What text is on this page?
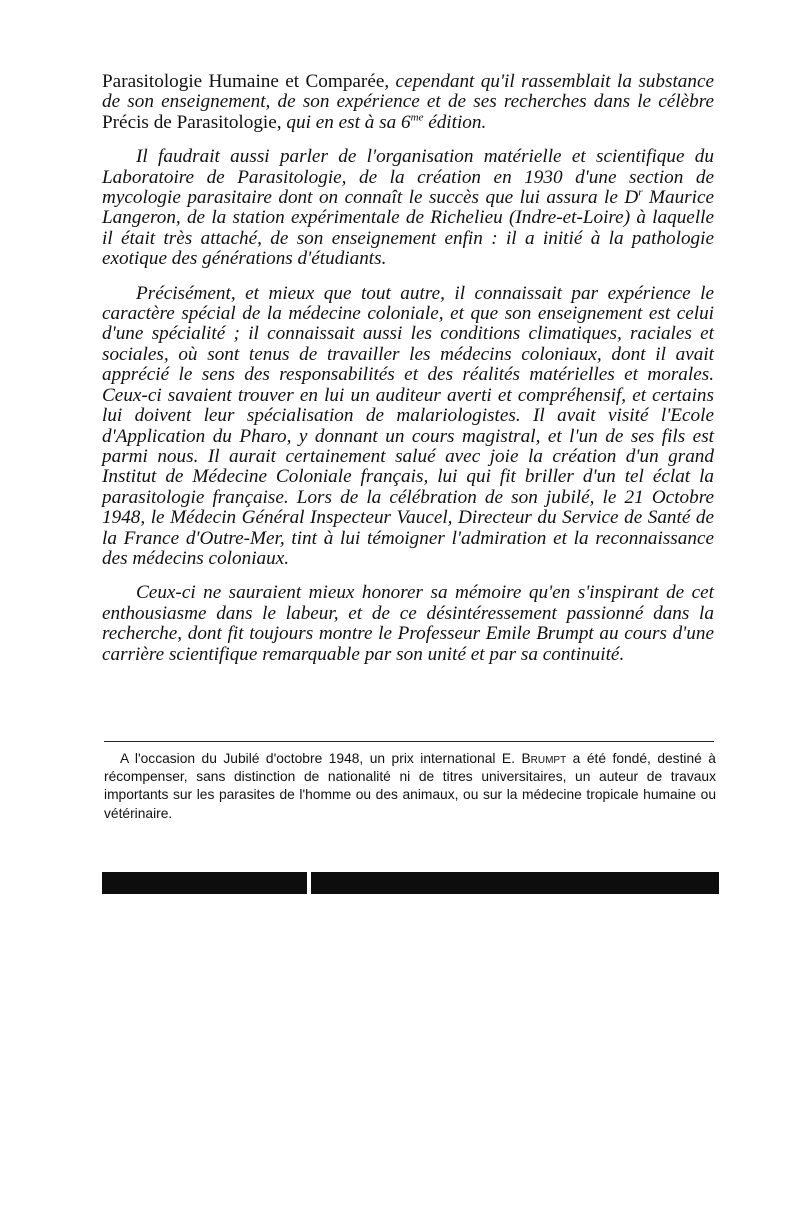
Parasitologie Humaine et Comparée, cependant qu'il rassemblait la substance de son enseignement, de son expérience et de ses recherches dans le célèbre Précis de Parasitologie, qui en est à sa $6^{me}$ édition.

Il faudrait aussi parler de l'organisation matérielle et scientifique du Laboratoire de Parasitologie, de la création en 1930 d'une section de mycologie parasitaire dont on connaît le succès que lui assura le $D^r$ Maurice Langeron, de la station expérimentale de Richelieu (Indre-et-Loire) à laquelle il était très attaché, de son enseignement enfin : il a initié à la pathologie exotique des générations d'étudiants.

Précisément, et mieux que tout autre, il connaissait par expérience le caractère spécial de la médecine coloniale, et que son enseignement est celui d'une spécialité ; il connaissait aussi les conditions climatiques, raciales et sociales, où sont tenus de travailler les médecins coloniaux, dont il avait apprécié le sens des responsabilités et des réalités matérielles et morales. Ceux-ci savaient trouver en lui un auditeur averti et compréhensif, et certains lui doivent leur spécialisation de malariologistes. Il avait visité l'Ecole d'Application du Pharo, y donnant un cours magistral, et l'un de ses fils est parmi nous. Il aurait certainement salué avec joie la création d'un grand Institut de Médecine Coloniale français, lui qui fit briller d'un tel éclat la parasitologie française. Lors de la célébration de son jubilé, le 21 Octobre 1948, le Médecin Général Inspecteur Vaucel, Directeur du Service de Santé de la France d'Outre-Mer, tint à lui témoigner l'admiration et la reconnaissance des médecins coloniaux.

Ceux-ci ne sauraient mieux honorer sa mémoire qu'en s'inspirant de cet enthousiasme dans le labeur, et de ce désintéressement passionné dans la recherche, dont fit toujours montre le Professeur Emile Brumpt au cours d'une carrière scientifique remarquable par son unité et par sa continuité.

A l'occasion du Jubilé d'octobre 1948, un prix international E. Brumpt a été fondé, destiné à récompenser, sans distinction de nationalité ni de titres universitaires, un auteur de travaux importants sur les parasites de l'homme ou des animaux, ou sur la médecine tropicale humaine ou vétérinaire.
